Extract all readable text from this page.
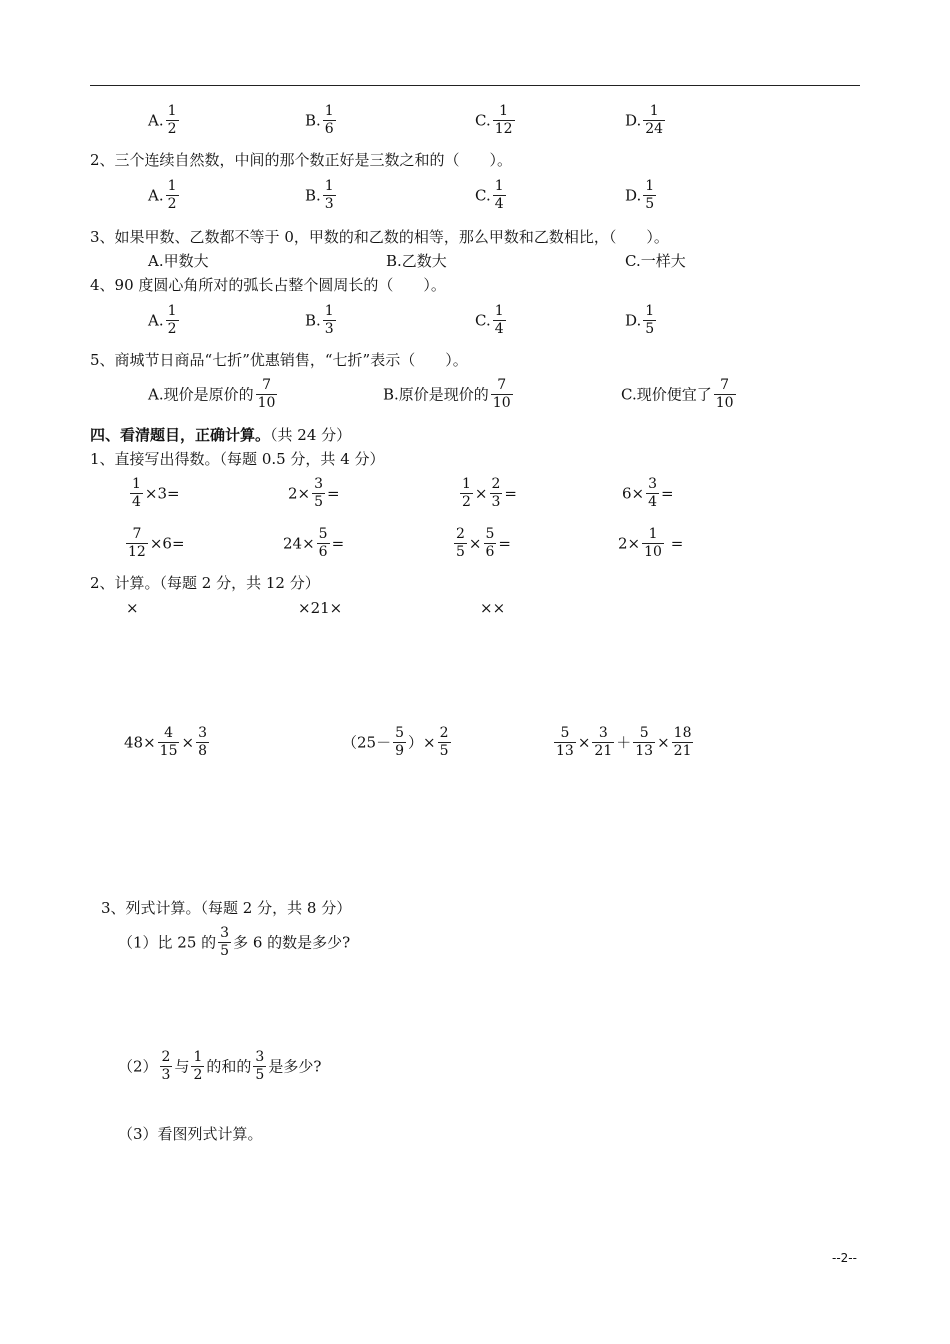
A. $\frac{1}{2}$	B. $\frac{1}{6}$	C. $\frac{1}{12}$	D. $\frac{1}{24}$
2、三个连续自然数，中间的那个数正好是三数之和的（　　）。
A. $\frac{1}{2}$	B. $\frac{1}{3}$	C. $\frac{1}{4}$	D. $\frac{1}{5}$
3、如果甲数、乙数都不等于 0，甲数的和乙数的相等，那么甲数和乙数相比，（　　）。
A.甲数大	B.乙数大	C.一样大
4、90 度圆心角所对的弧长占整个圆周长的（　　）。
A. $\frac{1}{2}$	B. $\frac{1}{3}$	C. $\frac{1}{4}$	D. $\frac{1}{5}$
5、商城节日商品“七折”优惠销售，“七折”表示（　　）。
A.现价是原价的 $\frac{7}{10}$	B.原价是现价的 $\frac{7}{10}$	C.现价便宜了 $\frac{7}{10}$
四、看清题目，正确计算。（共 24 分）
1、直接写出得数。（每题 0.5 分，共 4 分）
$\frac{1}{4} \times 3=$	$2\times \frac{3}{5}$ =	$\frac{1}{2} \times \frac{2}{3}$ =	$6\times \frac{3}{4}$ =
$\frac{7}{12} \times 6=$	$24\times \frac{5}{6}$ =	$\frac{2}{5} \times \frac{5}{6}$ =	$2\times \frac{1}{10}$ =
2、计算。（每题 2 分，共 12 分）
×	×21×	××
$48\times \frac{4}{15} \times \frac{3}{8}$	（$25- \frac{5}{9}$ ）× $\frac{2}{5}$	$\frac{5}{13} \times \frac{3}{21} + \frac{5}{13} \times \frac{18}{21}$
3、列式计算。（每题 2 分，共 8 分）
（1）比 25 的 $\frac{3}{5}$ 多 6 的数是多少?
$(2) \frac{2}{3}$ 与 $\frac{1}{2}$ 的和的 $\frac{3}{5}$ 是多少?
（3）看图列式计算。
--2--
